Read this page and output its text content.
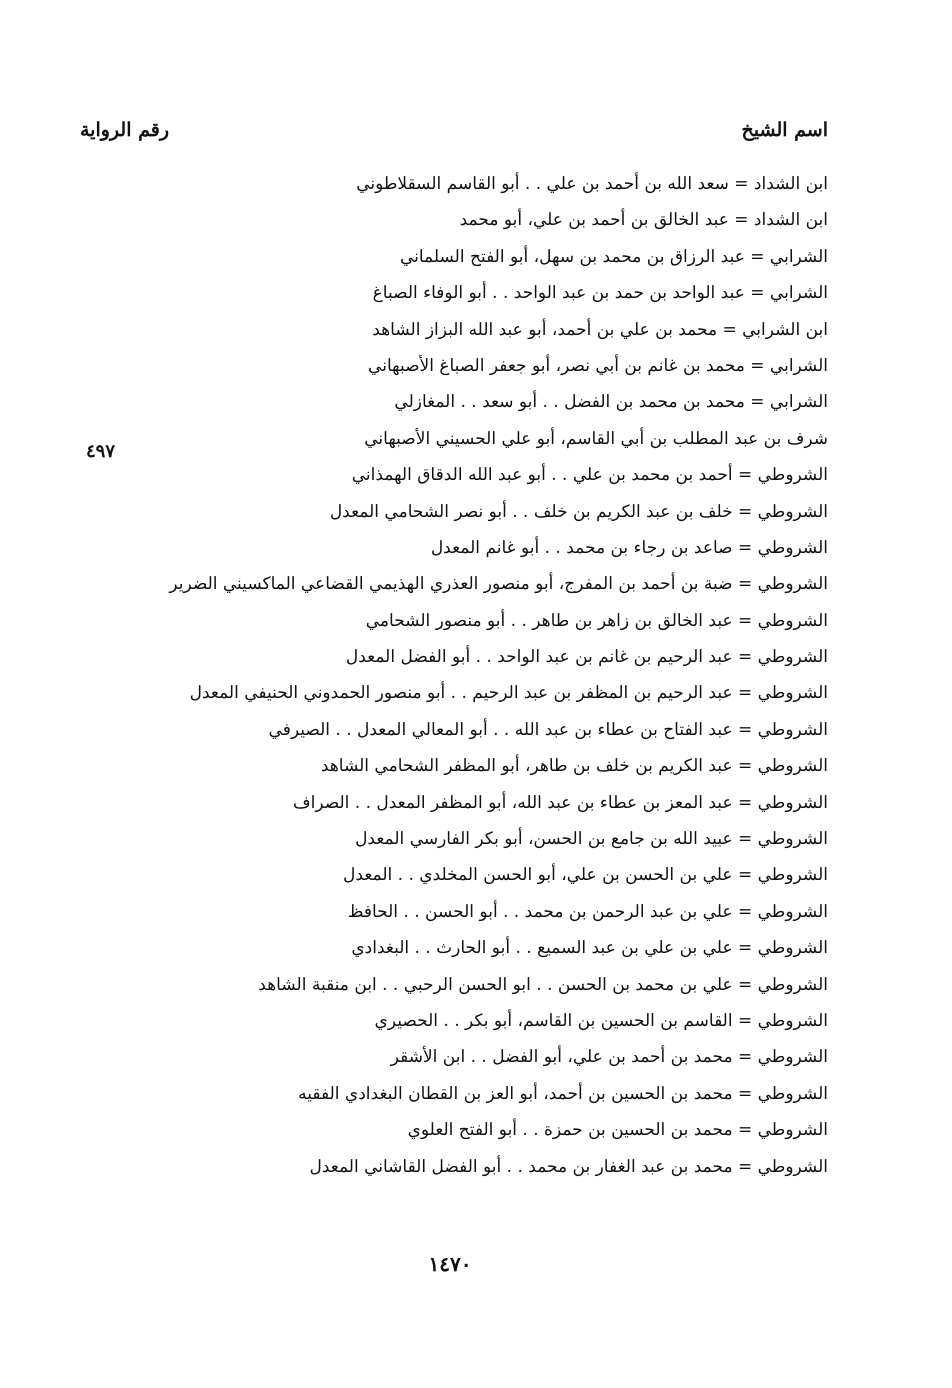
اسم الشيخ
رقم الرواية
ابن الشداد = سعد الله بن أحمد بن علي . . أبو القاسم السقلاطوني
ابن الشداد = عبد الخالق بن أحمد بن علي، أبو محمد
الشرابي = عبد الرزاق بن محمد بن سهل، أبو الفتح السلماني
الشرابي = عبد الواحد بن حمد بن عبد الواحد . . أبو الوفاء الصباغ
ابن الشرابي = محمد بن علي بن أحمد، أبو عبد الله البزاز الشاهد
الشرابي = محمد بن غانم بن أبي نصر، أبو جعفر الصباغ الأصبهاني
الشرابي = محمد بن محمد بن الفضل . . أبو سعد . . المغازلي
شرف بن عبد المطلب بن أبي القاسم، أبو علي الحسيني الأصبهاني
الشروطي = أحمد بن محمد بن علي . . أبو عبد الله الدقاق الهمذاني
الشروطي = خلف بن عبد الكريم بن خلف . . أبو نصر الشحامي المعدل
الشروطي = صاعد بن رجاء بن محمد . . أبو غانم المعدل
الشروطي = ضبة بن أحمد بن المفرج، أبو منصور العذري الهذيمي القضاعي الماكسيني الضرير
الشروطي = عبد الخالق بن زاهر بن طاهر . . أبو منصور الشحامي
الشروطي = عبد الرحيم بن غانم بن عبد الواحد . . أبو الفضل المعدل
الشروطي = عبد الرحيم بن المظفر بن عبد الرحيم . . أبو منصور الحمدوني الحنيفي المعدل
الشروطي = عبد الفتاح بن عطاء بن عبد الله . . أبو المعالي المعدل . . الصيرفي
الشروطي = عبد الكريم بن خلف بن طاهر، أبو المظفر الشحامي الشاهد
الشروطي = عبد المعز بن عطاء بن عبد الله، أبو المظفر المعدل . . الصراف
الشروطي = عبيد الله بن جامع بن الحسن، أبو بكر الفارسي المعدل
الشروطي = علي بن الحسن بن علي، أبو الحسن المخلدي . . المعدل
الشروطي = علي بن عبد الرحمن بن محمد . . أبو الحسن . . الحافظ
الشروطي = علي بن علي بن عبد السميع . . أبو الحارث . . البغدادي
الشروطي = علي بن محمد بن الحسن . . ابو الحسن الرحبي . . ابن منقبة الشاهد
الشروطي = القاسم بن الحسين بن القاسم، أبو بكر . . الحصيري
الشروطي = محمد بن أحمد بن علي، أبو الفضل . . ابن الأشقر
الشروطي = محمد بن الحسين بن أحمد، أبو العز بن القطان البغدادي الفقيه
الشروطي = محمد بن الحسين بن حمزة . . أبو الفتح العلوي
الشروطي = محمد بن عبد الغفار بن محمد . . أبو الفضل القاشاني المعدل
٤٩٧
١٤٧٠
